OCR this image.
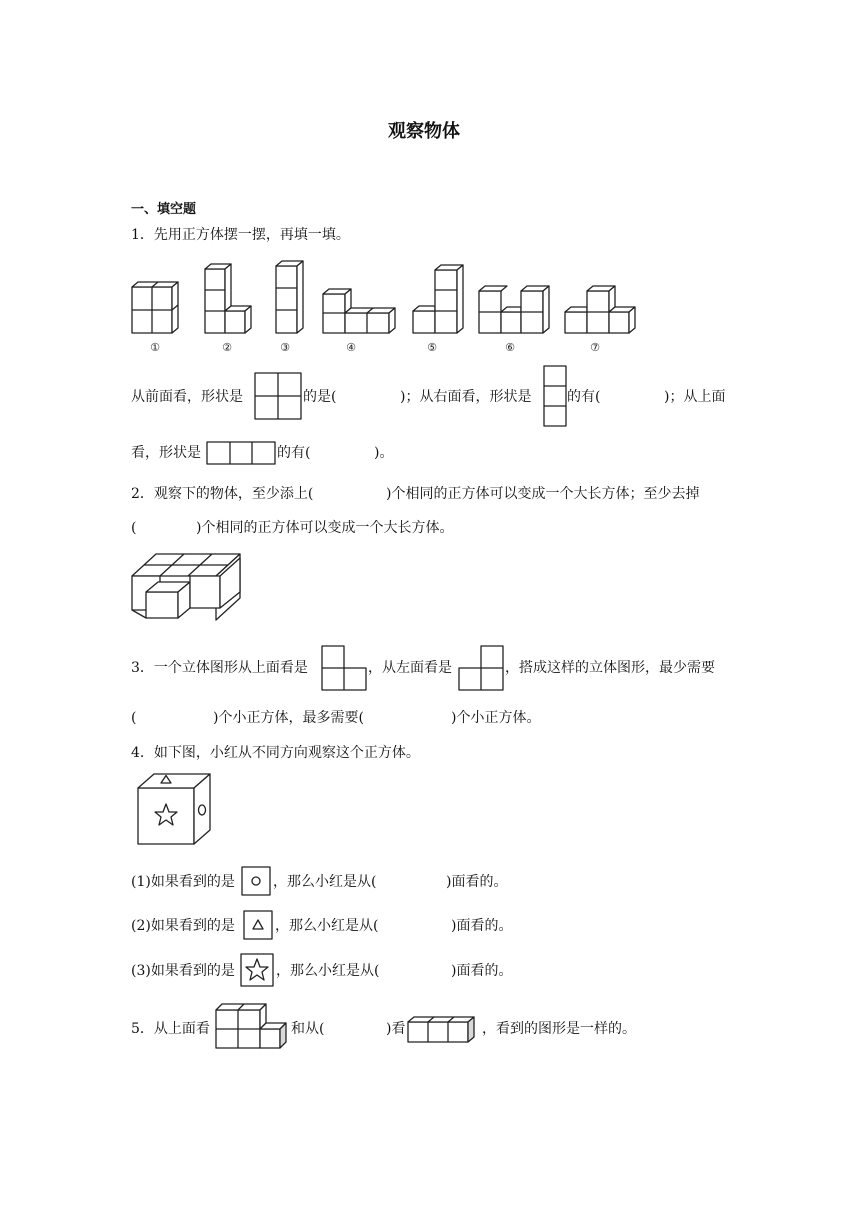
观察物体
一、填空题
1．先用正方体摆一摆，再填一填。
①	②	③	④	⑤	⑥	⑦
从前面看，形状是	的是(	)；从右面看，形状是	的有(	)；从上面
看，形状是	的有(	)。
2．观察下的物体，至少添上(	)个相同的正方体可以变成一个大长方体；至少去掉
(	)个相同的正方体可以变成一个大长方体。
3．一个立体图形从上面看是	，从左面看是	，搭成这样的立体图形，最少需要
(	)个小正方体，最多需要(	)个小正方体。
4．如下图，小红从不同方向观察这个正方体。
(1)如果看到的是	，那么小红是从(	)面看的。
(2)如果看到的是	，那么小红是从(	)面看的。
(3)如果看到的是	，那么小红是从(	)面看的。
5．从上面看	和从(	)看	，看到的图形是一样的。
